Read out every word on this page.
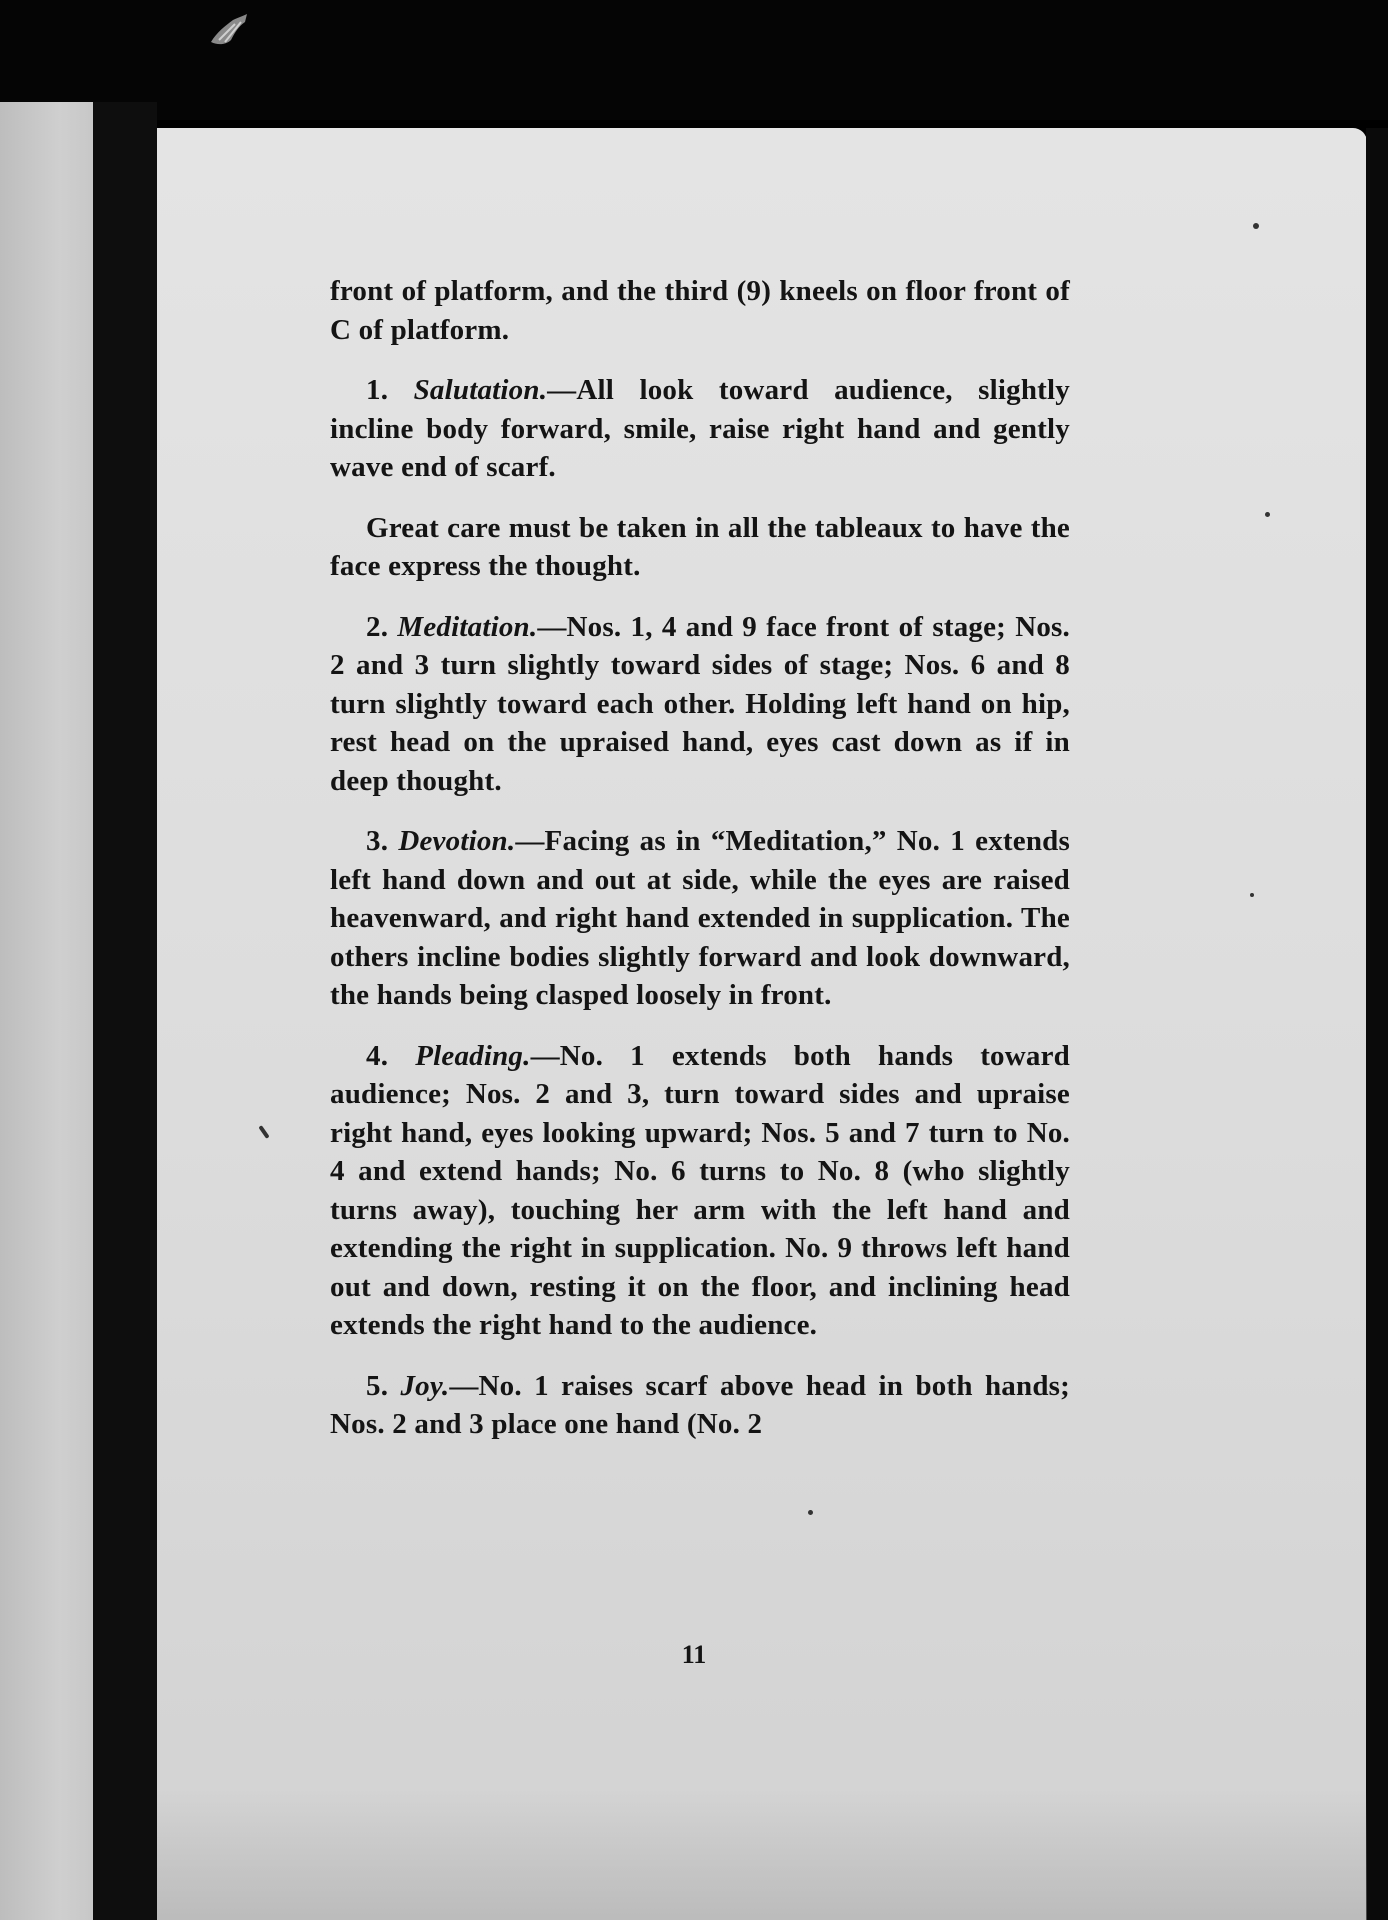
front of platform, and the third (9) kneels on floor front of C of platform.

1. Salutation.—All look toward audience, slightly incline body forward, smile, raise right hand and gently wave end of scarf.

Great care must be taken in all the tableaux to have the face express the thought.

2. Meditation.—Nos. 1, 4 and 9 face front of stage; Nos. 2 and 3 turn slightly toward sides of stage; Nos. 6 and 8 turn slightly toward each other. Holding left hand on hip, rest head on the upraised hand, eyes cast down as if in deep thought.

3. Devotion.—Facing as in “Meditation,” No. 1 extends left hand down and out at side, while the eyes are raised heavenward, and right hand extended in supplication. The others incline bodies slightly forward and look downward, the hands being clasped loosely in front.

4. Pleading.—No. 1 extends both hands toward audience; Nos. 2 and 3, turn toward sides and upraise right hand, eyes looking upward; Nos. 5 and 7 turn to No. 4 and extend hands; No. 6 turns to No. 8 (who slightly turns away), touching her arm with the left hand and extending the right in supplication. No. 9 throws left hand out and down, resting it on the floor, and inclining head extends the right hand to the audience.

5. Joy.—No. 1 raises scarf above head in both hands; Nos. 2 and 3 place one hand (No. 2

11
